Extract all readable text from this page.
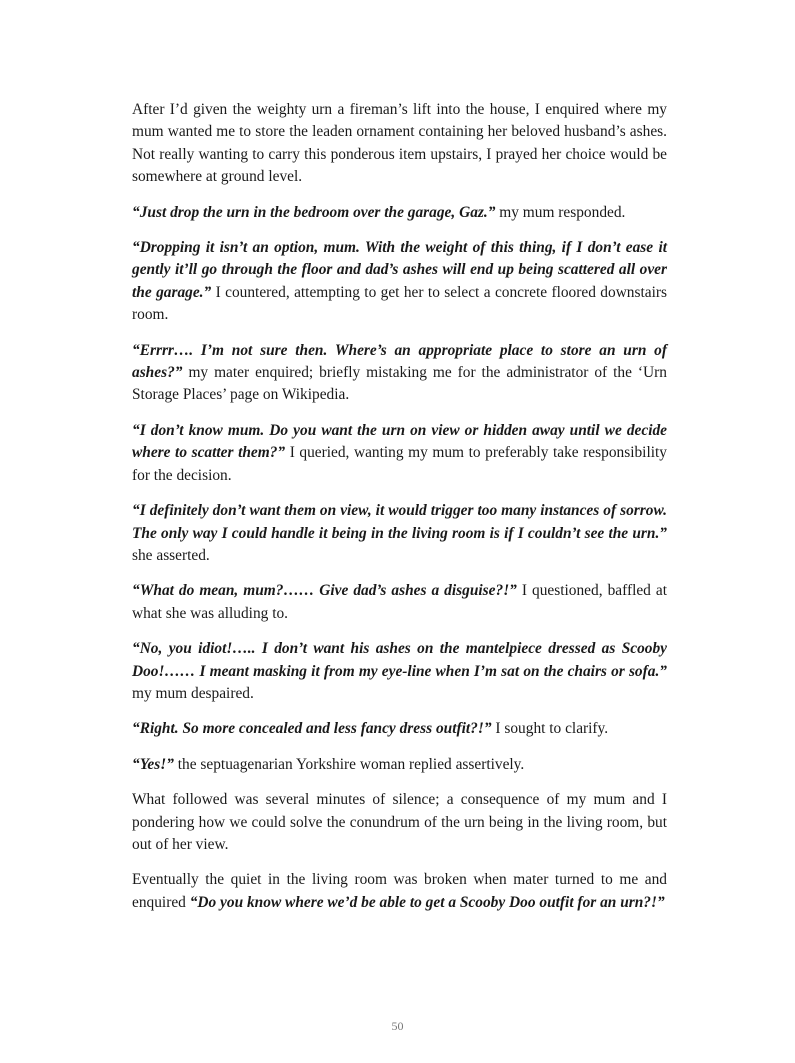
After I’d given the weighty urn a fireman’s lift into the house, I enquired where my mum wanted me to store the leaden ornament containing her beloved husband’s ashes. Not really wanting to carry this ponderous item upstairs, I prayed her choice would be somewhere at ground level.

“Just drop the urn in the bedroom over the garage, Gaz.” my mum responded.

“Dropping it isn’t an option, mum. With the weight of this thing, if I don’t ease it gently it’ll go through the floor and dad’s ashes will end up being scattered all over the garage.” I countered, attempting to get her to select a concrete floored downstairs room.

“Errrr…. I’m not sure then. Where’s an appropriate place to store an urn of ashes?” my mater enquired; briefly mistaking me for the administrator of the ‘Urn Storage Places’ page on Wikipedia.

“I don’t know mum. Do you want the urn on view or hidden away until we decide where to scatter them?” I queried, wanting my mum to preferably take responsibility for the decision.

“I definitely don’t want them on view, it would trigger too many instances of sorrow. The only way I could handle it being in the living room is if I couldn’t see the urn.” she asserted.

“What do mean, mum?…… Give dad’s ashes a disguise?!” I questioned, baffled at what she was alluding to.

“No, you idiot!….. I don’t want his ashes on the mantelpiece dressed as Scooby Doo!…… I meant masking it from my eye-line when I’m sat on the chairs or sofa.” my mum despaired.

“Right. So more concealed and less fancy dress outfit?!” I sought to clarify.

“Yes!” the septuagenarian Yorkshire woman replied assertively.

What followed was several minutes of silence; a consequence of my mum and I pondering how we could solve the conundrum of the urn being in the living room, but out of her view.

Eventually the quiet in the living room was broken when mater turned to me and enquired “Do you know where we’d be able to get a Scooby Doo outfit for an urn?!”

50
